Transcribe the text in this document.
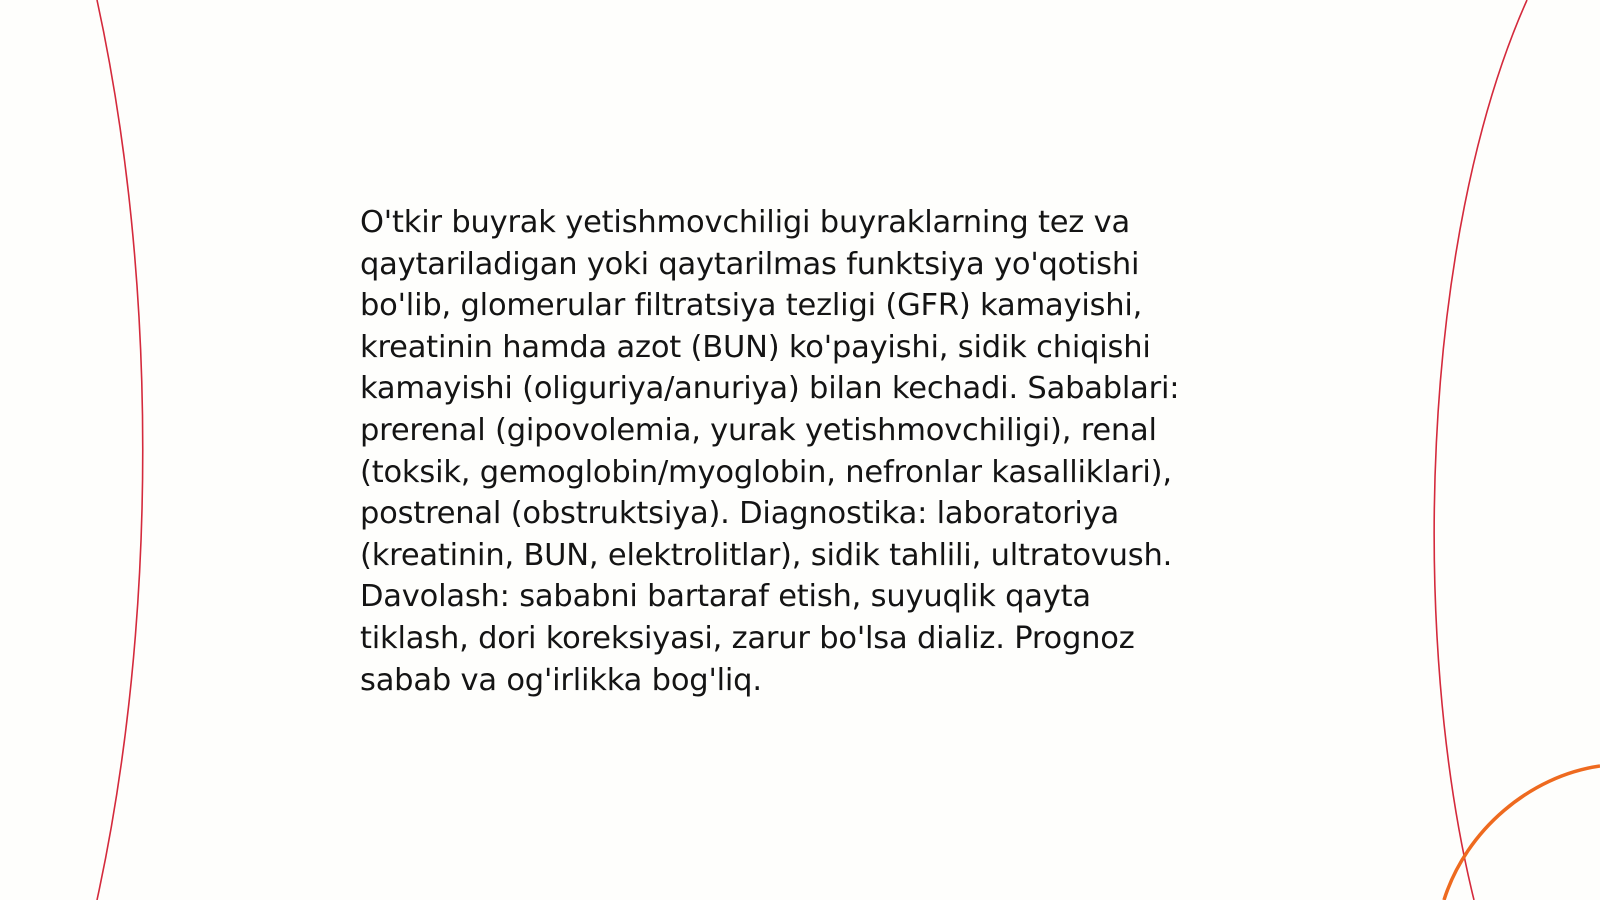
O'tkir buyrak yetishmovchiligi buyraklarning tez va
qaytariladigan yoki qaytarilmas funktsiya yo'qotishi
bo'lib, glomerular filtratsiya tezligi (GFR) kamayishi,
kreatinin hamda azot (BUN) ko'payishi, sidik chiqishi
kamayishi (oliguriya/anuriya) bilan kechadi. Sabablari:
prerenal (gipovolemia, yurak yetishmovchiligi), renal
(toksik, gemoglobin/myoglobin, nefronlar kasalliklari),
postrenal (obstruktsiya). Diagnostika: laboratoriya
(kreatinin, BUN, elektrolitlar), sidik tahlili, ultratovush.
Davolash: sababni bartaraf etish, suyuqlik qayta
tiklash, dori koreksiyasi, zarur bo'lsa dializ. Prognoz
sabab va og'irlikka bog'liq.
